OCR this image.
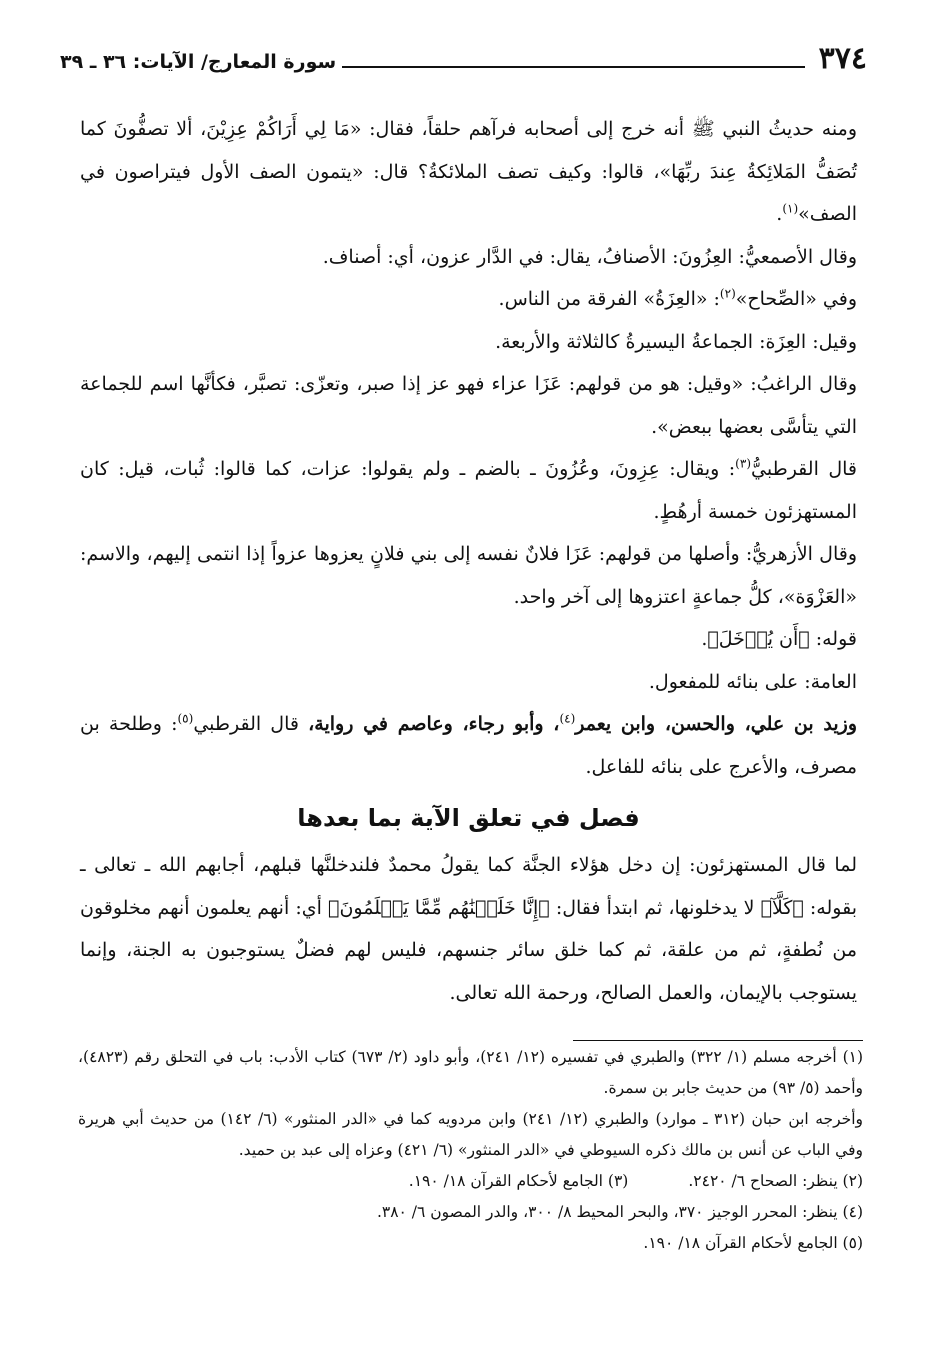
٣٧٤
سورة المعارج/ الآيات: ٣٦ ـ ٣٩

ومنه حديثُ النبي ﷺ أنه خرج إلى أصحابه فرآهم حلقاً، فقال: «مَا لِي أَرَاكُمْ عِزِيْنَ، ألا تصفُّونَ كما تُصَفُّ المَلائِكةُ عِندَ ربِّهَا»، قالوا: وكيف تصف الملائكةُ؟ قال: «يتمون الصف الأول فيتراصون في الصف»$^{(١)}$.

وقال الأصمعيُّ: العِزُونَ: الأصنافُ، يقال: في الدَّار عزون، أي: أصناف.

وفي «الصِّحاح»$^{(٢)}$: «العِزَةُ» الفرقة من الناس.

وقيل: العِزَة: الجماعةُ اليسيرةُ كالثلاثة والأربعة.

وقال الراغبُ: «وقيل: هو من قولهم: عَزَا عزاء فهو عز إذا صبر، وتعزّى: تصبَّر، فكأنَّها اسم للجماعة التي يتأسَّى بعضها ببعض».

قال القرطبيُّ$^{(٣)}$: ويقال: عِزِونَ، وعُزُونَ ـ بالضم ـ ولم يقولوا: عزات، كما قالوا: ثُبات، قيل: كان المستهزئون خمسة أرهُطٍ.

وقال الأزهريُّ: وأصلها من قولهم: عَزَا فلانٌ نفسه إلى بني فلانٍ يعزوها عزواً إذا انتمى إليهم، والاسم: «العَزْوَة»، كلُّ جماعةٍ اعتزوها إلى آخر واحد.

قوله: ﴿أَن يُدۡخَلَ﴾.

العامة: على بنائه للمفعول.

وزيد بن علي، والحسن، وابن يعمر$^{(٤)}$، وأبو رجاء، وعاصم في رواية، قال القرطبي$^{(٥)}$: وطلحة بن مصرف، والأعرج على بنائه للفاعل.

فصل في تعلق الآية بما بعدها

لما قال المستهزئون: إن دخل هؤلاء الجنَّة كما يقولُ محمدٌ فلندخلنَّها قبلهم، أجابهم الله ـ تعالى ـ بقوله: ﴿كَلَّآ﴾ لا يدخلونها، ثم ابتدأ فقال: ﴿إِنَّا خَلَقۡنَٰهُم مِّمَّا يَعۡلَمُونَ﴾ أي: أنهم يعلمون أنهم مخلوقون من نُطفةٍ، ثم من علقة، ثم كما خلق سائر جنسهم، فليس لهم فضلٌ يستوجبون به الجنة، وإنما يستوجب بالإيمان، والعمل الصالح، ورحمة الله تعالى.

(١) أخرجه مسلم (١/ ٣٢٢) والطبري في تفسيره (١٢/ ٢٤١)، وأبو داود (٢/ ٦٧٣) كتاب الأدب: باب في التحلق رقم (٤٨٢٣)، وأحمد (٥/ ٩٣) من حديث جابر بن سمرة.

وأخرجه ابن حبان (٣١٢ ـ موارد) والطبري (١٢/ ٢٤١) وابن مردويه كما في «الدر المنثور» (٦/ ١٤٢) من حديث أبي هريرة وفي الباب عن أنس بن مالك ذكره السيوطي في «الدر المنثور» (٦/ ٤٢١) وعزاه إلى عبد بن حميد.

(٢) ينظر: الصحاح ٦/ ٢٤٢٠.
(٣) الجامع لأحكام القرآن ١٨/ ١٩٠.

(٤) ينظر: المحرر الوجيز ٣٧٠، والبحر المحيط ٨/ ٣٠٠، والدر المصون ٦/ ٣٨٠.

(٥) الجامع لأحكام القرآن ١٨/ ١٩٠.
